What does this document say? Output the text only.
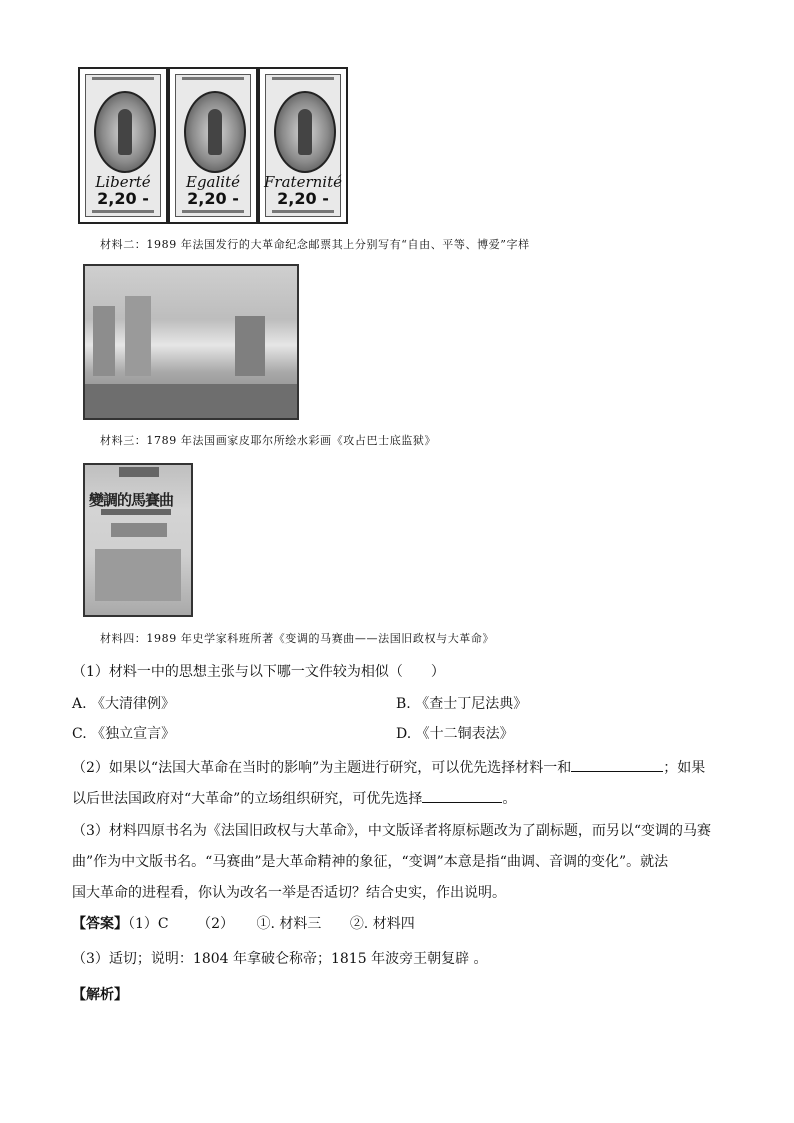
Liberté
2,20 -
Egalité
2,20 -
Fraternité
2,20 -
材料二：1989 年法国发行的大革命纪念邮票其上分别写有“自由、平等、博爱”字样
材料三：1789 年法国画家皮耶尔所绘水彩画《攻占巴士底监狱》
變調的馬賽曲
材料四：1989 年史学家科班所著《变调的马赛曲——法国旧政权与大革命》
（1）材料一中的思想主张与以下哪一文件较为相似（　　）
A. 《大清律例》	B. 《查士丁尼法典》
C. 《独立宣言》	D. 《十二铜表法》
（2）如果以“法国大革命在当时的影响”为主题进行研究，可以优先选择材料一和	；如果
以后世法国政府对“大革命”的立场组织研究，可优先选择	。
（3）材料四原书名为《法国旧政权与大革命》，中文版译者将原标题改为了副标题，而另以“变调的马赛
曲”作为中文版书名。“马赛曲”是大革命精神的象征，“变调”本意是指“曲调、音调的变化”。就法
国大革命的进程看，你认为改名一举是否适切？结合史实，作出说明。
【答案】（1）C （2） ①. 材料三 ②. 材料四
（3）适切；说明：1804 年拿破仑称帝；1815 年波旁王朝复辟 。
【解析】
